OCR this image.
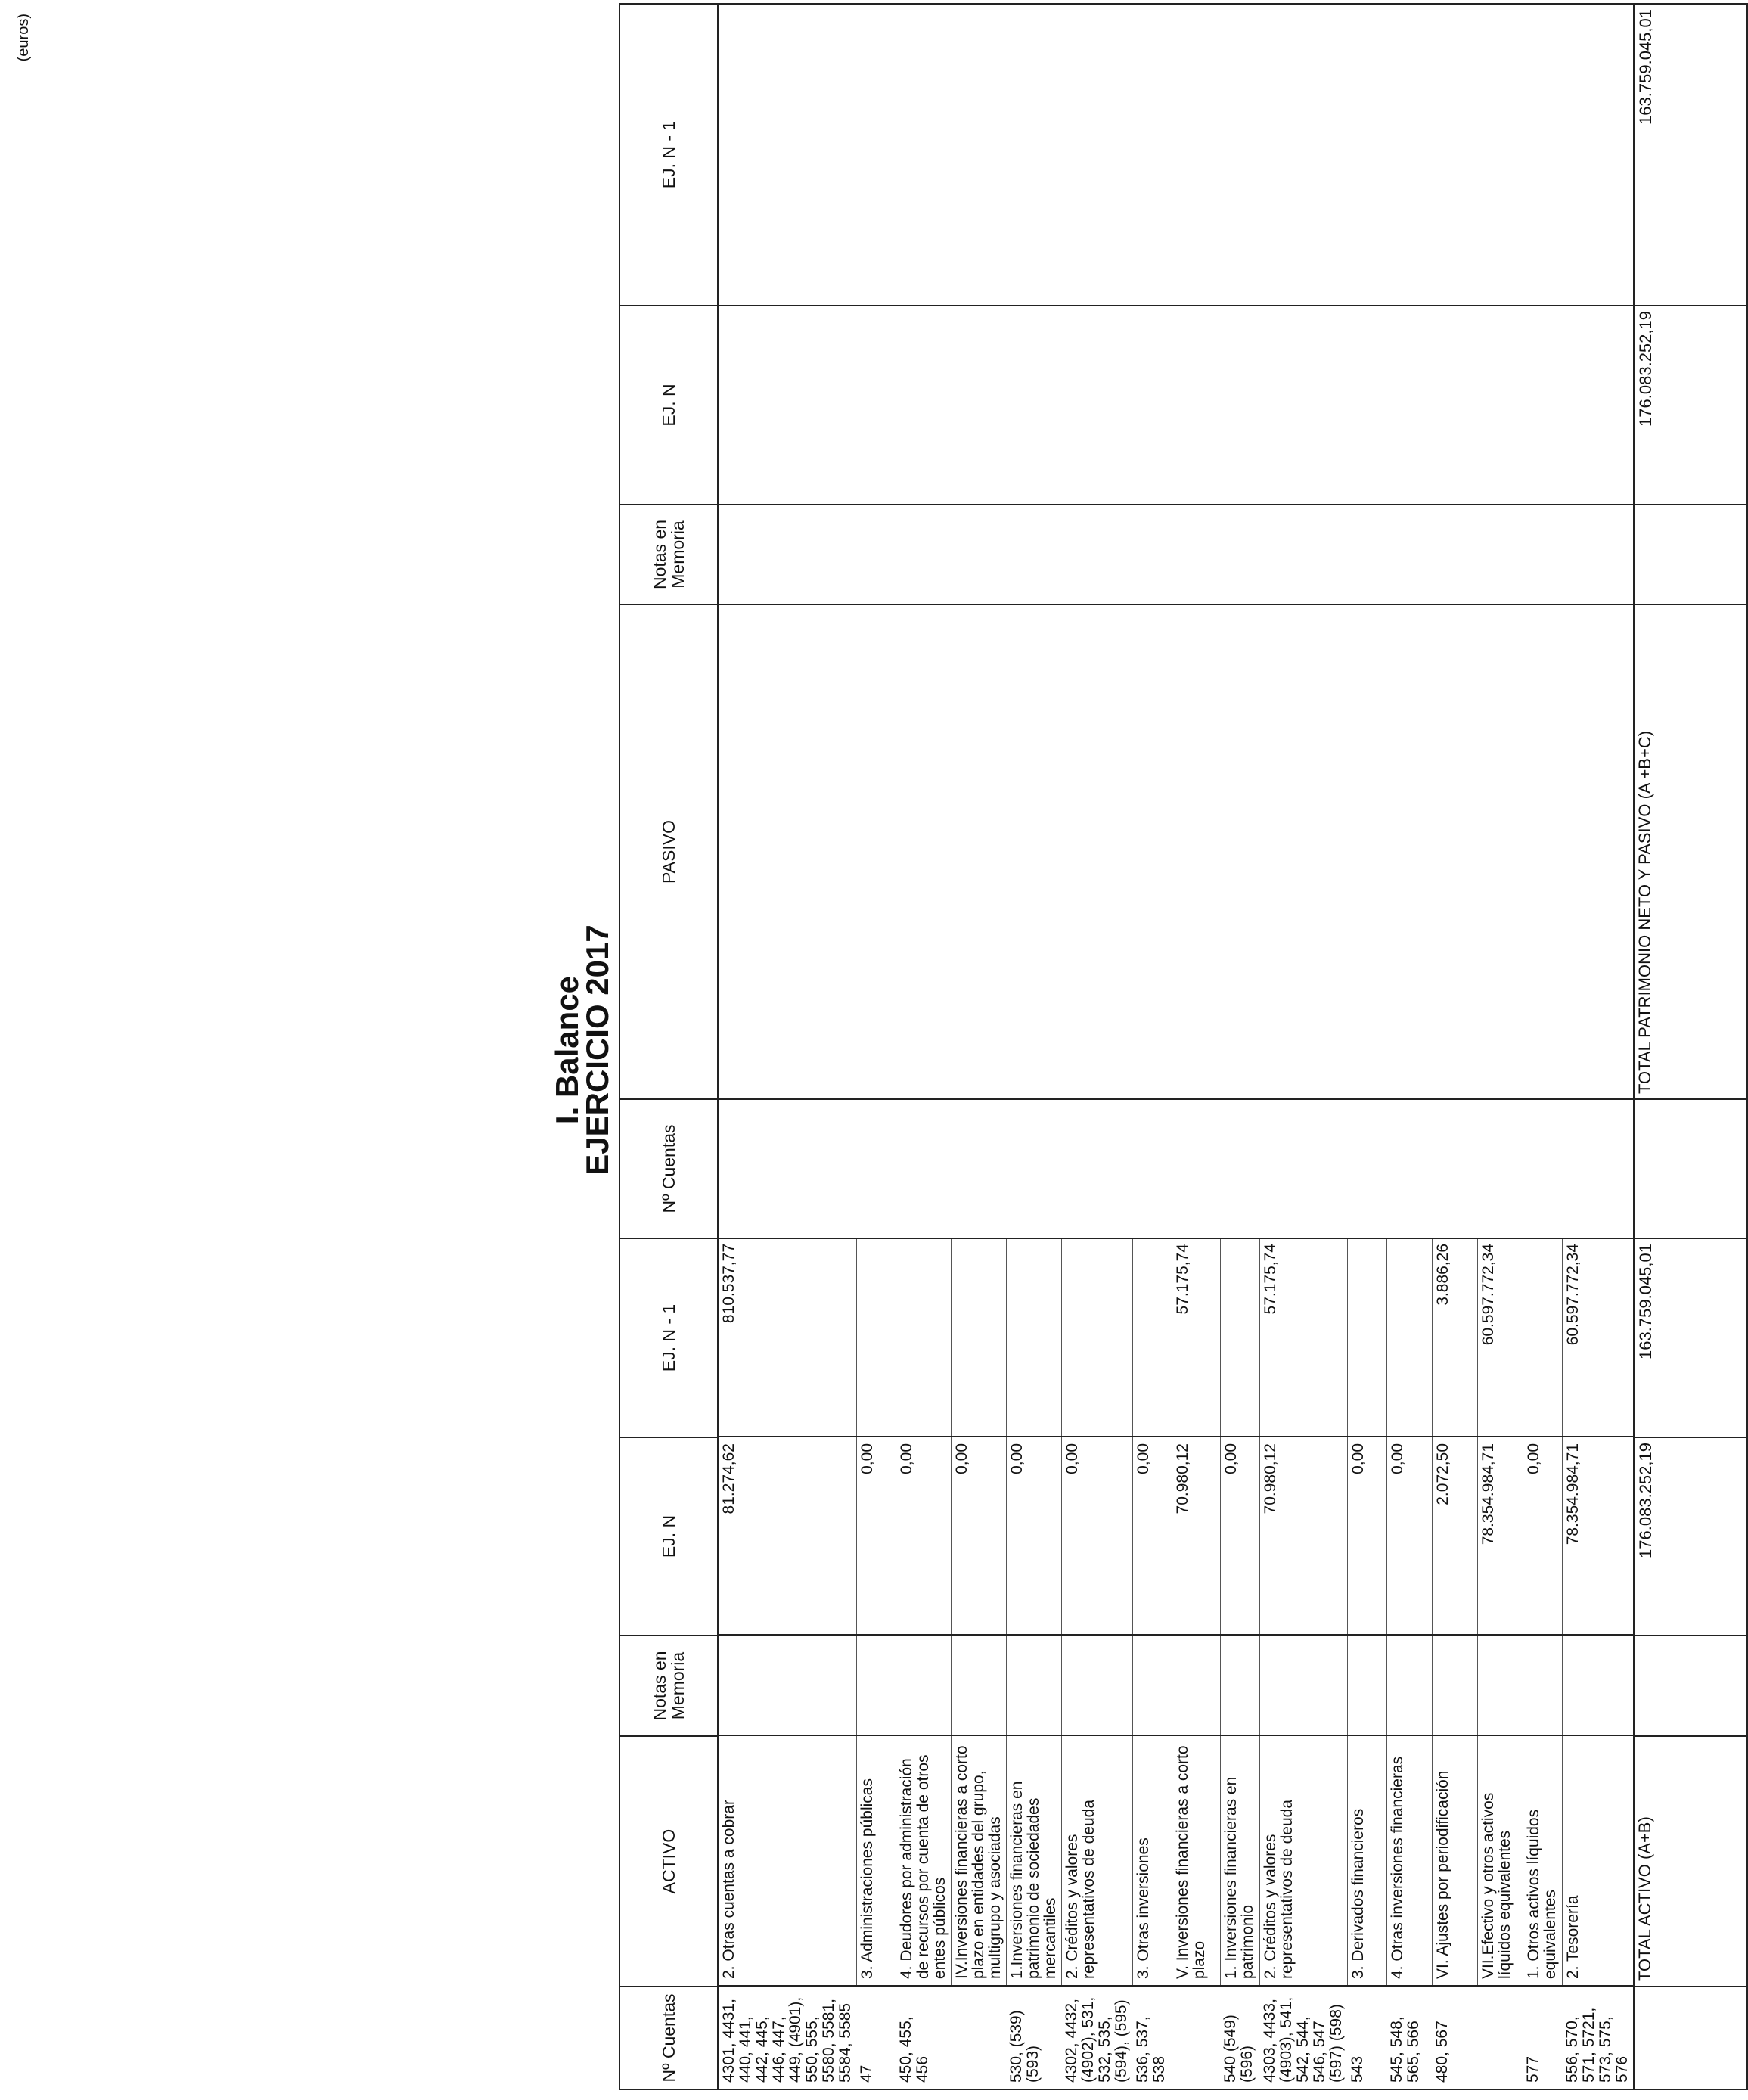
(euros)
I. Balance
EJERCICIO 2017
Nº Cuentas	ACTIVO	Notas en Memoria	EJ. N	EJ. N - 1	Nº Cuentas	PASIVO	Notas en Memoria	EJ. N	EJ. N - 1

4301, 4431, 440, 441, 442, 445, 446, 447, 449, (4901), 550, 555, 5580, 5581, 5584, 5585	2. Otras cuentas a cobrar		81.274,62	810.537,77
47	3. Administraciones públicas		0,00	
450, 455, 456	4. Deudores por administración de recursos por cuenta de otros entes públicos		0,00	
	IV.Inversiones financieras a corto plazo en entidades del grupo, multigrupo y asociadas		0,00	
530, (539) (593)	1.Inversiones financieras en patrimonio de sociedades mercantiles		0,00	
4302, 4432, (4902), 531, 532, 535, (594), (595)	2. Créditos y valores representativos de deuda		0,00	
536, 537, 538	3. Otras inversiones		0,00	
	V. Inversiones financieras a corto plazo		70.980,12	57.175,74
540 (549) (596)	1. Inversiones financieras en patrimonio		0,00	
4303, 4433, (4903), 541, 542, 544, 546, 547 (597) (598)	2. Créditos y valores representativos de deuda		70.980,12	57.175,74
543	3. Derivados financieros		0,00	
545, 548, 565, 566	4. Otras inversiones financieras		0,00	
480, 567	VI. Ajustes por periodificación		2.072,50	3.886,26
	VII.Efectivo y otros activos líquidos equivalentes		78.354.984,71	60.597.772,34
577	1. Otros activos líquidos equivalentes		0,00	
556, 570, 571, 5721, 573, 575, 576	2. Tesorería		78.354.984,71	60.597.772,34

	TOTAL ACTIVO (A+B)		176.083.252,19	163.759.045,01		TOTAL PATRIMONIO NETO Y PASIVO (A +B+C)		176.083.252,19	163.759.045,01
